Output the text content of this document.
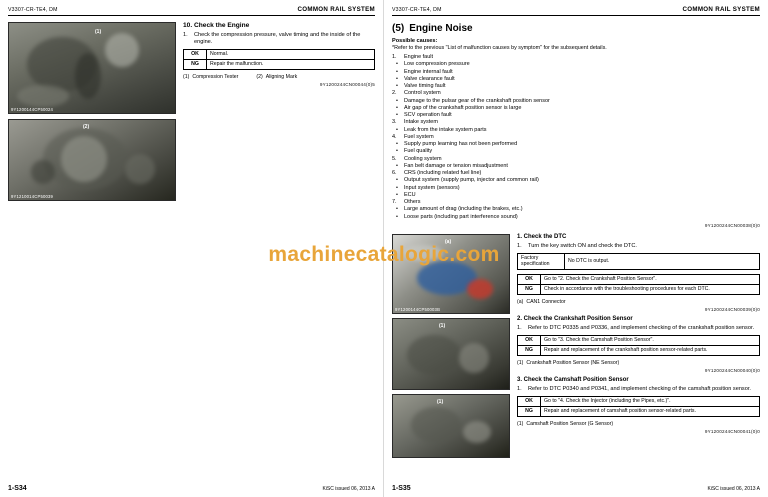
V3307-CR-TE4, DM	COMMON RAIL SYSTEM
(1)
9Y1200144CP50024
(2)
9Y1210014CP50039
10. Check the Engine
1.	Check the compression pressure, valve timing and the inside of the engine.
OK	Normal.
NG	Repair the malfunction.
(1) Compression Tester	(2) Aligning Mark
9Y1200244CN00044(0)5
1-S34	KiSC issued 06, 2013 A
V3307-CR-TE4, DM	COMMON RAIL SYSTEM
(5) Engine Noise
Possible causes:
*Refer to the previous "List of malfunction causes by symptom" for the subsequent details.
1.	Engine fault
• Low compression pressure
• Engine internal fault
• Valve clearance fault
• Valve timing fault
2.	Control system
• Damage to the pulsar gear of the crankshaft position sensor
• Air gap of the crankshaft position sensor is large
• SCV operation fault
3.	Intake system
• Leak from the intake system parts
4.	Fuel system
• Supply pump learning has not been performed
• Fuel quality
5.	Cooling system
• Fan belt damage or tension misadjustment
6.	CRS (including related fuel line)
• Output system (supply pump, injector and common rail)
• Input system (sensors)
• ECU
7.	Others
• Large amount of drag (including the brakes, etc.)
• Loose parts (including part interference sound)
9Y1200244CN00038(0)0
(a)
9Y1200144CP50003B
(1)
(1)
1. Check the DTC
1.	Turn the key switch ON and check the DTC.
Factory specification	No DTC is output.
OK	Go to "2. Check the Crankshaft Position Sensor".
NG	Check in accordance with the troubleshooting procedures for each DTC.
(a) CAN1 Connector
9Y1200244CN00039(0)0
2. Check the Crankshaft Position Sensor
1.	Refer to DTC P0335 and P0336, and implement checking of the crankshaft position sensor.
OK	Go to "3. Check the Camshaft Position Sensor".
NG	Repair and replacement of the crankshaft position sensor-related parts.
(1) Crankshaft Position Sensor (NE Sensor)
9Y1200244CN00040(0)0
3. Check the Camshaft Position Sensor
1.	Refer to DTC P0340 and P0341, and implement checking of the camshaft position sensor.
OK	Go to "4. Check the Injector (including the Pipes, etc.)".
NG	Repair and replacement of camshaft position sensor-related parts.
(1) Camshaft Position Sensor (G Sensor)
9Y1200244CN00041(0)0
1-S35	KiSC issued 06, 2013 A
machinecatalogic.com
